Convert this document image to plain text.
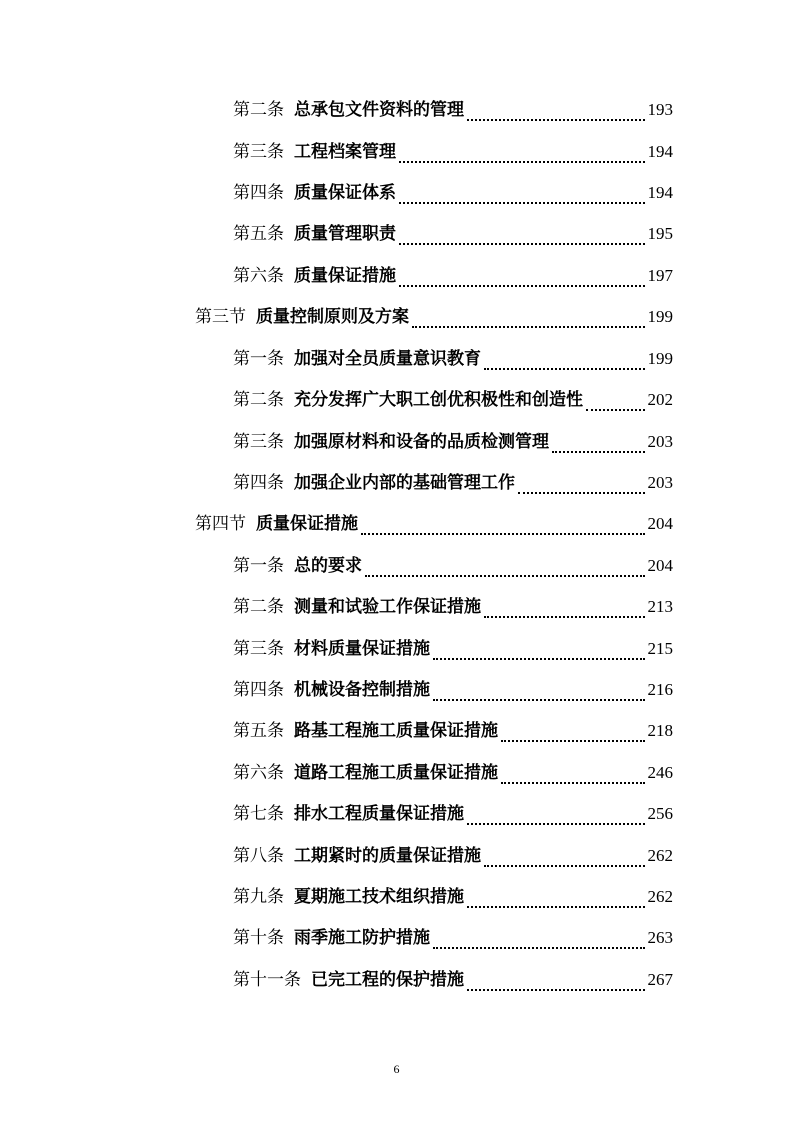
第二条 总承包文件资料的管理	193
第三条 工程档案管理	194
第四条 质量保证体系	194
第五条 质量管理职责	195
第六条 质量保证措施	197
第三节 质量控制原则及方案	199
第一条 加强对全员质量意识教育	199
第二条 充分发挥广大职工创优积极性和创造性	202
第三条 加强原材料和设备的品质检测管理	203
第四条 加强企业内部的基础管理工作	203
第四节 质量保证措施	204
第一条 总的要求	204
第二条 测量和试验工作保证措施	213
第三条 材料质量保证措施	215
第四条 机械设备控制措施	216
第五条 路基工程施工质量保证措施	218
第六条 道路工程施工质量保证措施	246
第七条 排水工程质量保证措施	256
第八条 工期紧时的质量保证措施	262
第九条 夏期施工技术组织措施	262
第十条 雨季施工防护措施	263
第十一条 已完工程的保护措施	267
6
